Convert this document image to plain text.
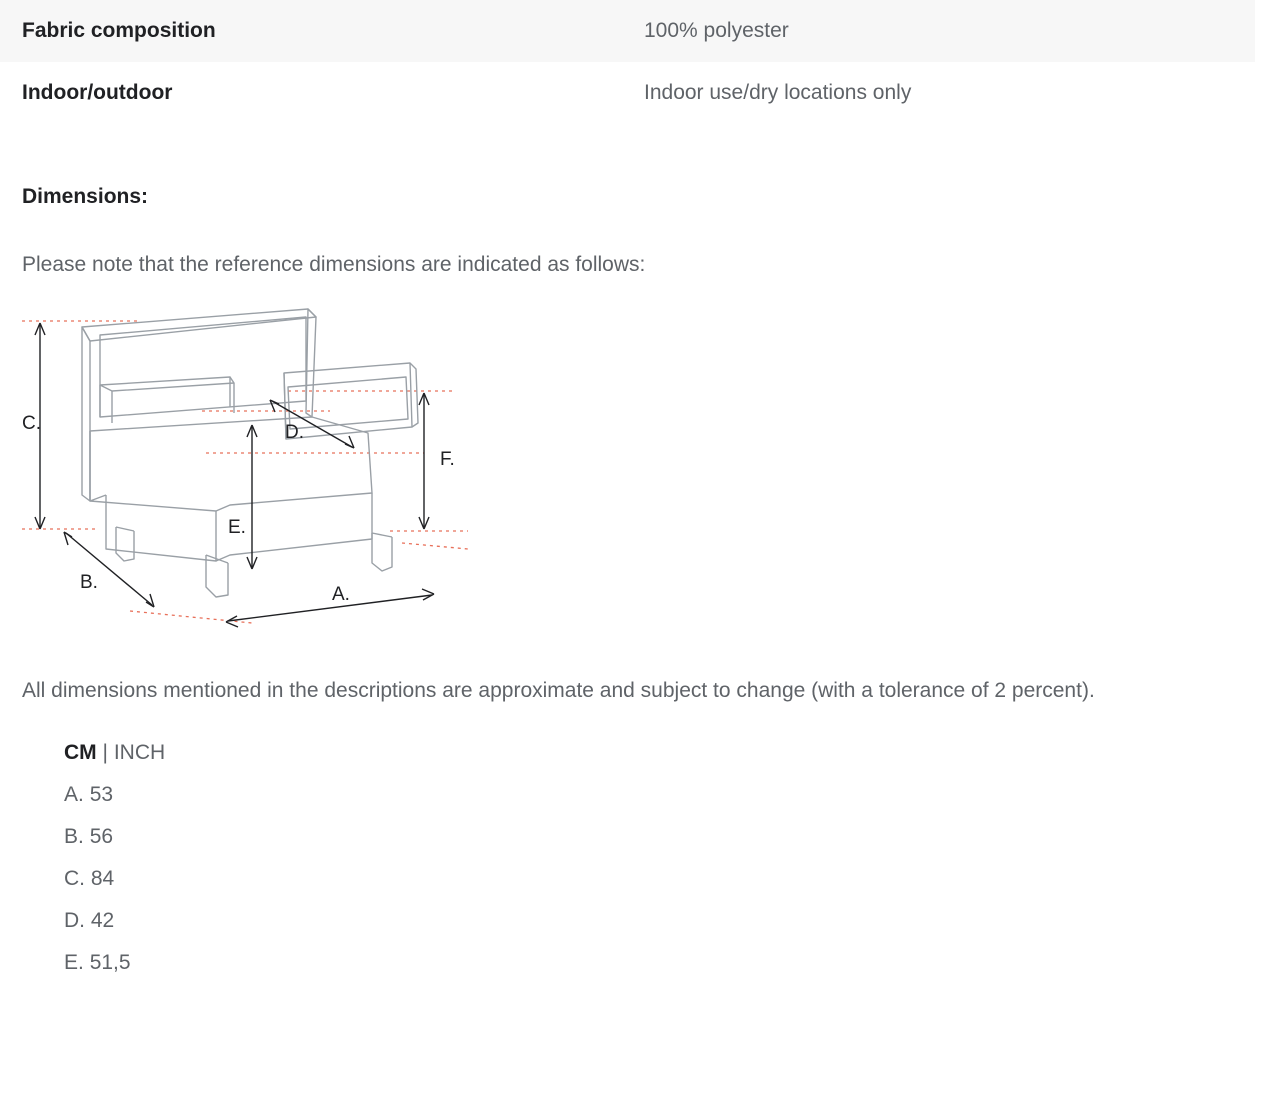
Fabric composition	100% polyester
Indoor/outdoor	Indoor use/dry locations only
Dimensions:
Please note that the reference dimensions are indicated as follows:
C.
B.
A.
D.
E.
F.
All dimensions mentioned in the descriptions are approximate and subject to change (with a tolerance of 2 percent).
CM | INCH
A. 53
B. 56
C. 84
D. 42
E. 51,5
